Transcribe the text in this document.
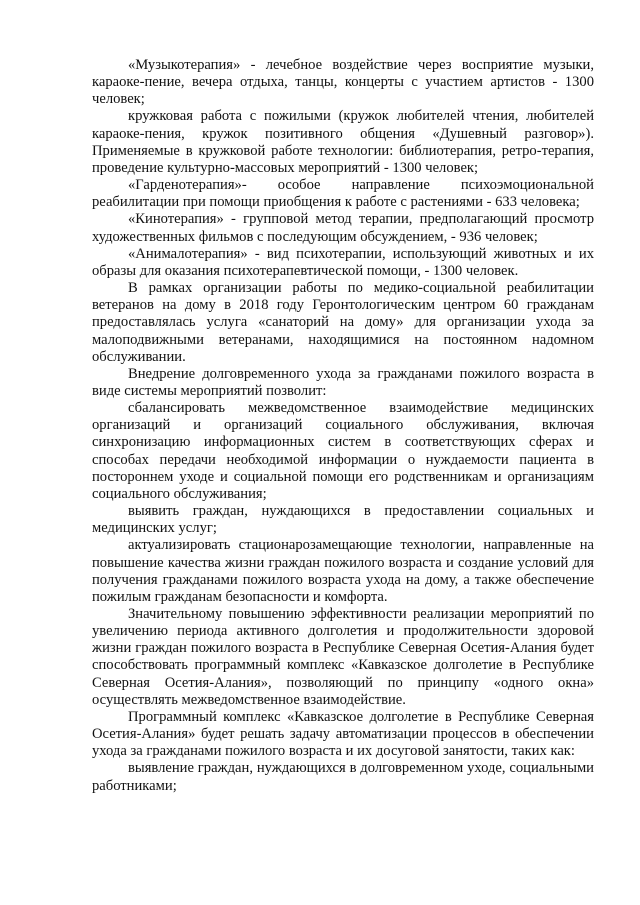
«Музыкотерапия» - лечебное воздействие через восприятие музыки, караоке-пение, вечера отдыха, танцы, концерты с участием артистов - 1300 человек;

кружковая работа с пожилыми (кружок любителей чтения, любителей караоке-пения, кружок позитивного общения «Душевный разговор»). Применяемые в кружковой работе технологии: библиотерапия, ретро-терапия, проведение культурно-массовых мероприятий - 1300 человек;

«Гарденотерапия»- особое направление психоэмоциональной реабилитации при помощи приобщения к работе с растениями - 633 человека;

«Кинотерапия» - групповой метод терапии, предполагающий просмотр художественных фильмов с последующим обсуждением, - 936 человек;

«Анималотерапия» - вид психотерапии, использующий животных и их образы для оказания психотерапевтической помощи, - 1300 человек.

В рамках организации работы по медико-социальной реабилитации ветеранов на дому в 2018 году Геронтологическим центром 60 гражданам предоставлялась услуга «санаторий на дому» для организации ухода за малоподвижными ветеранами, находящимися на постоянном надомном обслуживании.

Внедрение долговременного ухода за гражданами пожилого возраста в виде системы мероприятий позволит:

сбалансировать межведомственное взаимодействие медицинских организаций и организаций социального обслуживания, включая синхронизацию информационных систем в соответствующих сферах и способах передачи необходимой информации о нуждаемости пациента в постороннем уходе и социальной помощи его родственникам и организациям социального обслуживания;

выявить граждан, нуждающихся в предоставлении социальных и медицинских услуг;

актуализировать стационарозамещающие технологии, направленные на повышение качества жизни граждан пожилого возраста и создание условий для получения гражданами пожилого возраста ухода на дому, а также обеспечение пожилым гражданам безопасности и комфорта.

Значительному повышению эффективности реализации мероприятий по увеличению периода активного долголетия и продолжительности здоровой жизни граждан пожилого возраста в Республике Северная Осетия-Алания будет способствовать программный комплекс «Кавказское долголетие в Республике Северная Осетия-Алания», позволяющий по принципу «одного окна» осуществлять межведомственное взаимодействие.

Программный комплекс «Кавказское долголетие в Республике Северная Осетия-Алания» будет решать задачу автоматизации процессов в обеспечении ухода за гражданами пожилого возраста и их досуговой занятости, таких как:

выявление граждан, нуждающихся в долговременном уходе, социальными работниками;
